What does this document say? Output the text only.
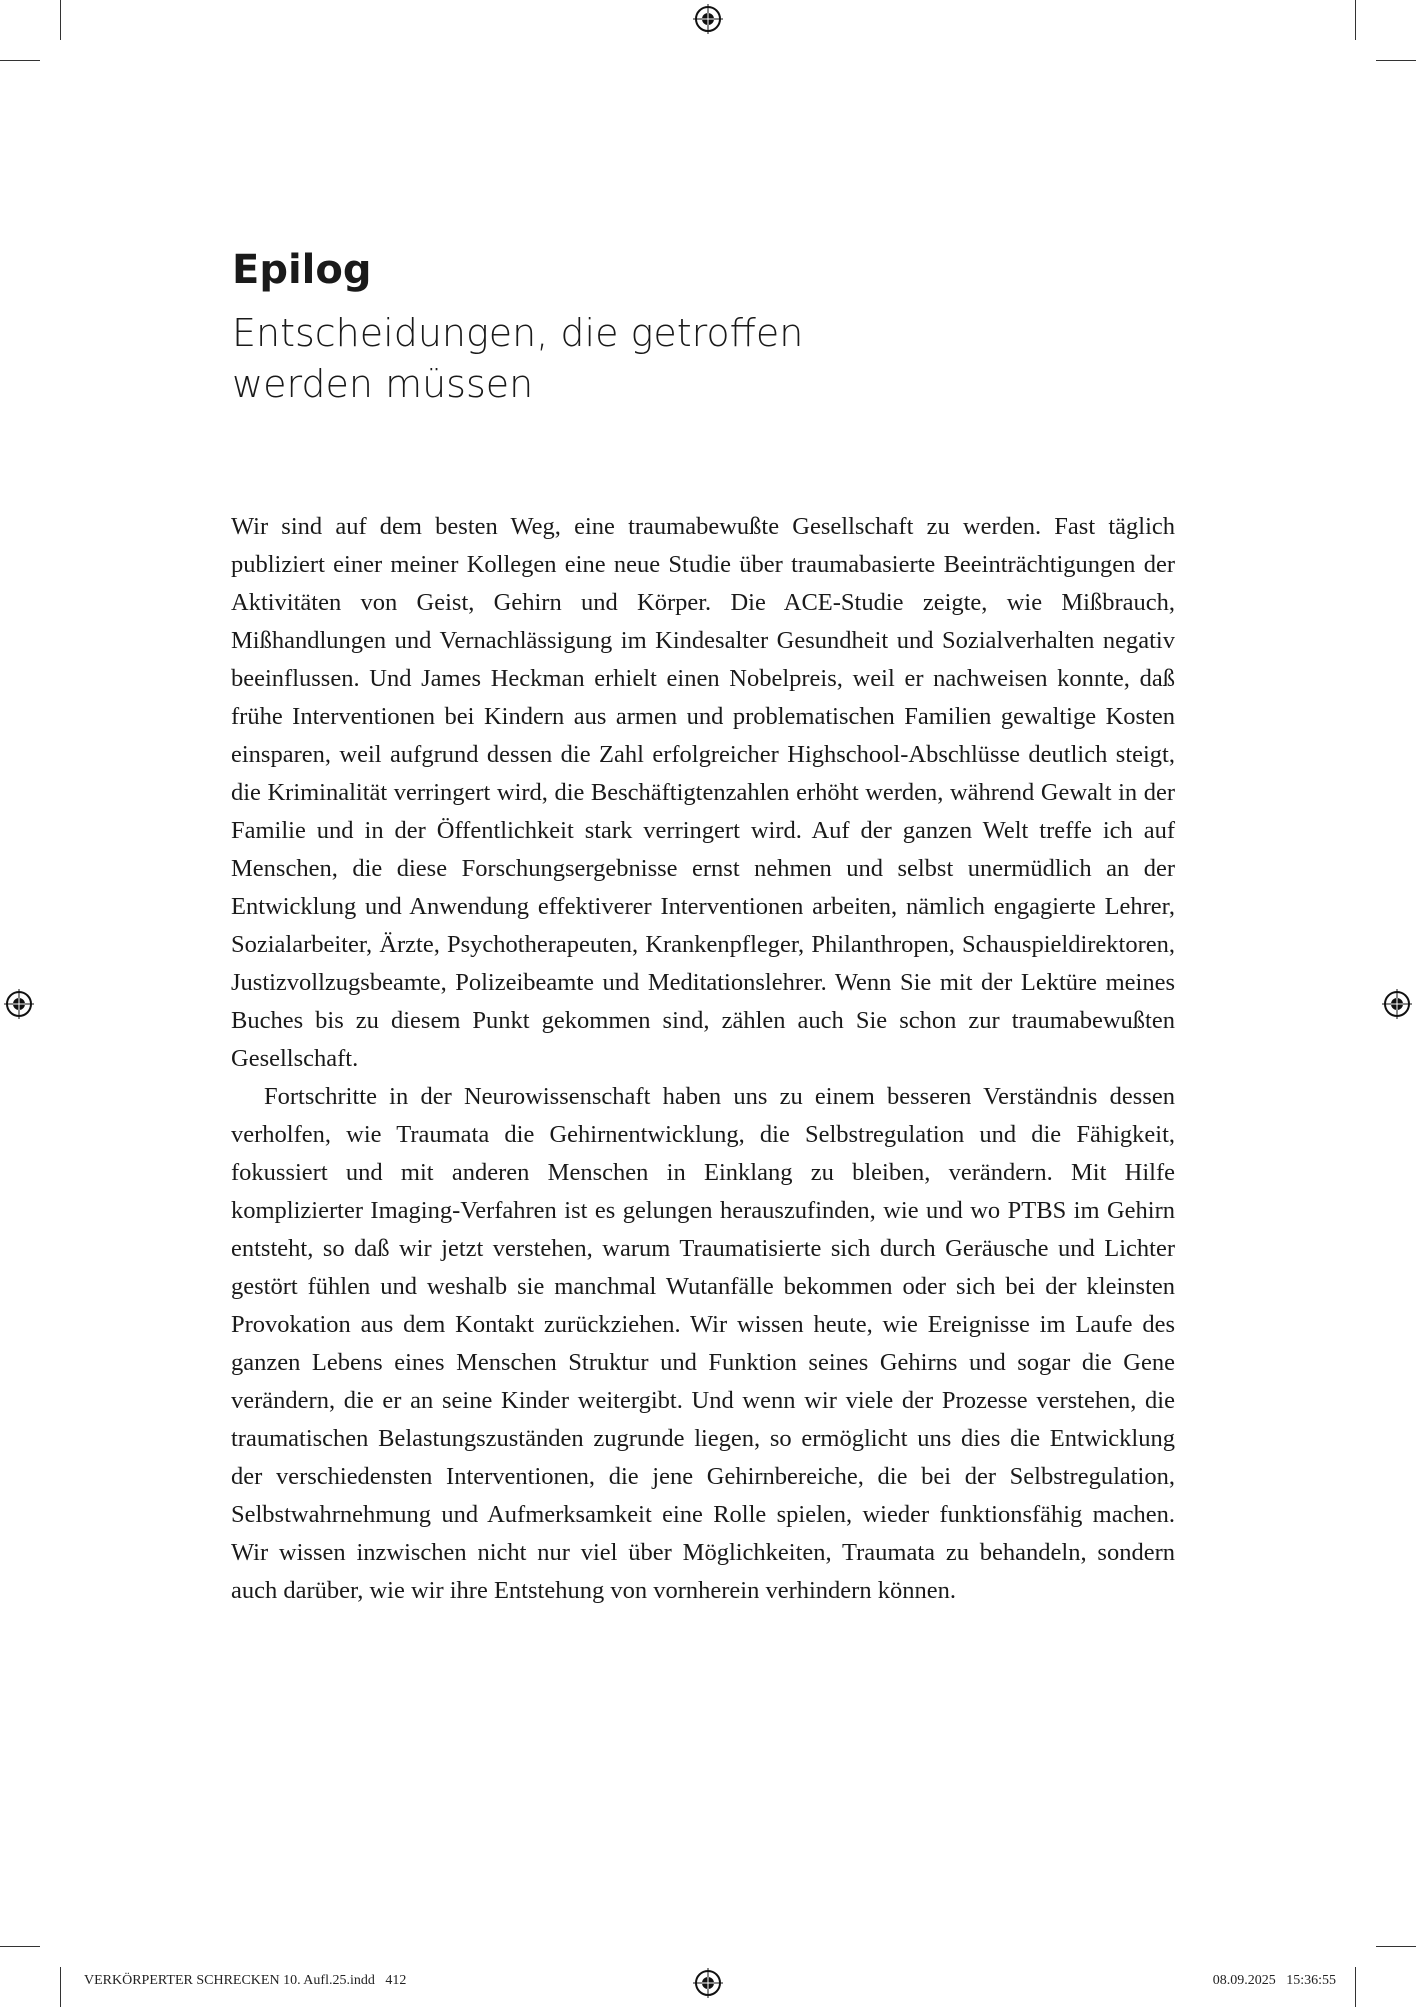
Epilog
Entscheidungen, die getroffen werden müssen

Wir sind auf dem besten Weg, eine traumabewußte Gesellschaft zu werden. Fast täglich publiziert einer meiner Kollegen eine neue Studie über traumabasierte Beeinträchtigungen der Aktivitäten von Geist, Gehirn und Körper. Die ACE-Studie zeigte, wie Mißbrauch, Mißhandlungen und Vernachlässigung im Kindesalter Gesundheit und Sozialverhalten negativ beeinflussen. Und James Heckman erhielt einen Nobelpreis, weil er nachweisen konnte, daß frühe Interventionen bei Kindern aus armen und problematischen Familien gewaltige Kosten einsparen, weil aufgrund dessen die Zahl erfolgreicher Highschool-Abschlüsse deutlich steigt, die Kriminalität verringert wird, die Beschäftigtenzahlen erhöht werden, während Gewalt in der Familie und in der Öffentlichkeit stark verringert wird. Auf der ganzen Welt treffe ich auf Menschen, die diese Forschungsergebnisse ernst nehmen und selbst unermüdlich an der Entwicklung und Anwendung effektiverer Interventionen arbeiten, nämlich engagierte Lehrer, Sozialarbeiter, Ärzte, Psychotherapeuten, Krankenpfleger, Philanthropen, Schauspieldirektoren, Justizvollzugsbeamte, Polizeibeamte und Meditationslehrer. Wenn Sie mit der Lektüre meines Buches bis zu diesem Punkt gekommen sind, zählen auch Sie schon zur traumabewußten Gesellschaft.

Fortschritte in der Neurowissenschaft haben uns zu einem besseren Verständnis dessen verholfen, wie Traumata die Gehirnentwicklung, die Selbstregulation und die Fähigkeit, fokussiert und mit anderen Menschen in Einklang zu bleiben, verändern. Mit Hilfe komplizierter Imaging-Verfahren ist es gelungen herauszufinden, wie und wo PTBS im Gehirn entsteht, so daß wir jetzt verstehen, warum Traumatisierte sich durch Geräusche und Lichter gestört fühlen und weshalb sie manchmal Wutanfälle bekommen oder sich bei der kleinsten Provokation aus dem Kontakt zurückziehen. Wir wissen heute, wie Ereignisse im Laufe des ganzen Lebens eines Menschen Struktur und Funktion seines Gehirns und sogar die Gene verändern, die er an seine Kinder weitergibt. Und wenn wir viele der Prozesse verstehen, die traumatischen Belastungszuständen zugrunde liegen, so ermöglicht uns dies die Entwicklung der verschiedensten Interventionen, die jene Gehirnbereiche, die bei der Selbstregulation, Selbstwahrnehmung und Aufmerksamkeit eine Rolle spielen, wieder funktionsfähig machen. Wir wissen inzwischen nicht nur viel über Möglichkeiten, Traumata zu behandeln, sondern auch darüber, wie wir ihre Entstehung von vornherein verhindern können.

VERKÖRPERTER SCHRECKEN 10. Aufl.25.indd   412	08.09.2025   15:36:55
